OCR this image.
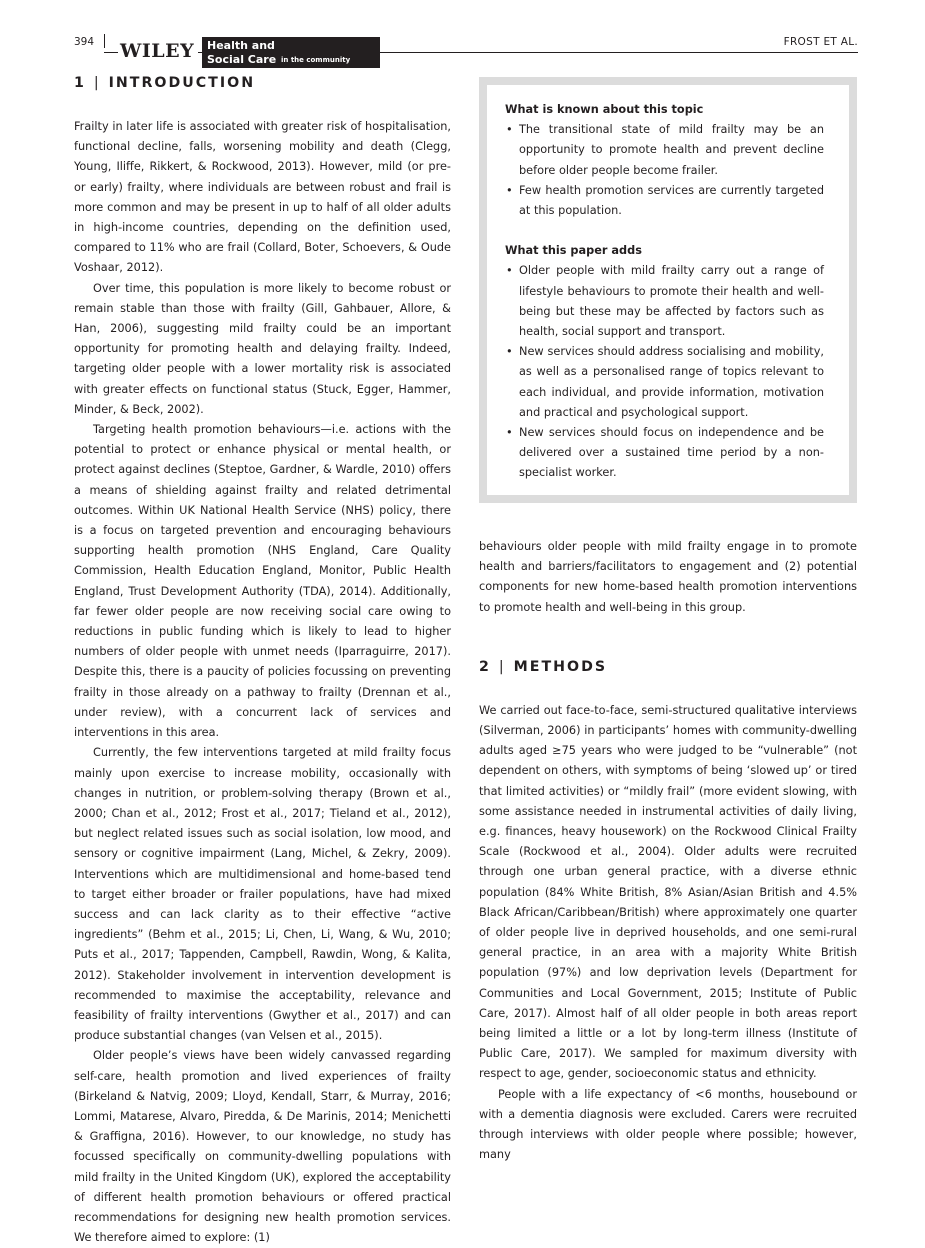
394 WILEY	Health and
Social Care in the community
FROST ET AL.
1 | INTRODUCTION

Frailty in later life is associated with greater risk of hospitalisation, functional decline, falls, worsening mobility and death (Clegg, Young, Iliffe, Rikkert, & Rockwood, 2013). However, mild (or pre- or early) frailty, where individuals are between robust and frail is more common and may be present in up to half of all older adults in high-income countries, depending on the definition used, compared to 11% who are frail (Collard, Boter, Schoevers, & Oude Voshaar, 2012).

Over time, this population is more likely to become robust or remain stable than those with frailty (Gill, Gahbauer, Allore, & Han, 2006), suggesting mild frailty could be an important opportunity for promoting health and delaying frailty. Indeed, targeting older people with a lower mortality risk is associated with greater effects on functional status (Stuck, Egger, Hammer, Minder, & Beck, 2002).

Targeting health promotion behaviours—i.e. actions with the potential to protect or enhance physical or mental health, or protect against declines (Steptoe, Gardner, & Wardle, 2010) offers a means of shielding against frailty and related detrimental outcomes. Within UK National Health Service (NHS) policy, there is a focus on targeted prevention and encouraging behaviours supporting health promotion (NHS England, Care Quality Commission, Health Education England, Monitor, Public Health England, Trust Development Authority (TDA), 2014). Additionally, far fewer older people are now receiving social care owing to reductions in public funding which is likely to lead to higher numbers of older people with unmet needs (Iparraguirre, 2017). Despite this, there is a paucity of policies focussing on preventing frailty in those already on a pathway to frailty (Drennan et al., under review), with a concurrent lack of services and interventions in this area.

Currently, the few interventions targeted at mild frailty focus mainly upon exercise to increase mobility, occasionally with changes in nutrition, or problem-solving therapy (Brown et al., 2000; Chan et al., 2012; Frost et al., 2017; Tieland et al., 2012), but neglect related issues such as social isolation, low mood, and sensory or cognitive impairment (Lang, Michel, & Zekry, 2009). Interventions which are multidimensional and home-based tend to target either broader or frailer populations, have had mixed success and can lack clarity as to their effective “active ingredients” (Behm et al., 2015; Li, Chen, Li, Wang, & Wu, 2010; Puts et al., 2017; Tappenden, Campbell, Rawdin, Wong, & Kalita, 2012). Stakeholder involvement in intervention development is recommended to maximise the acceptability, relevance and feasibility of frailty interventions (Gwyther et al., 2017) and can produce substantial changes (van Velsen et al., 2015).

Older people’s views have been widely canvassed regarding self-care, health promotion and lived experiences of frailty (Birkeland & Natvig, 2009; Lloyd, Kendall, Starr, & Murray, 2016; Lommi, Matarese, Alvaro, Piredda, & De Marinis, 2014; Menichetti & Graffigna, 2016). However, to our knowledge, no study has focussed specifically on community-dwelling populations with mild frailty in the United Kingdom (UK), explored the acceptability of different health promotion behaviours or offered practical recommendations for designing new health promotion services. We therefore aimed to explore: (1)

What is known about this topic
• The transitional state of mild frailty may be an opportunity to promote health and prevent decline before older people become frailer.
• Few health promotion services are currently targeted at this population.
What this paper adds
• Older people with mild frailty carry out a range of lifestyle behaviours to promote their health and well-being but these may be affected by factors such as health, social support and transport.
• New services should address socialising and mobility, as well as a personalised range of topics relevant to each individual, and provide information, motivation and practical and psychological support.
• New services should focus on independence and be delivered over a sustained time period by a non-specialist worker.

behaviours older people with mild frailty engage in to promote health and barriers/facilitators to engagement and (2) potential components for new home-based health promotion interventions to promote health and well-being in this group.

2 | METHODS

We carried out face-to-face, semi-structured qualitative interviews (Silverman, 2006) in participants’ homes with community-dwelling adults aged ≥75 years who were judged to be “vulnerable” (not dependent on others, with symptoms of being ‘slowed up’ or tired that limited activities) or “mildly frail” (more evident slowing, with some assistance needed in instrumental activities of daily living, e.g. finances, heavy housework) on the Rockwood Clinical Frailty Scale (Rockwood et al., 2004). Older adults were recruited through one urban general practice, with a diverse ethnic population (84% White British, 8% Asian/Asian British and 4.5% Black African/Caribbean/British) where approximately one quarter of older people live in deprived households, and one semi-rural general practice, in an area with a majority White British population (97%) and low deprivation levels (Department for Communities and Local Government, 2015; Institute of Public Care, 2017). Almost half of all older people in both areas report being limited a little or a lot by long-term illness (Institute of Public Care, 2017). We sampled for maximum diversity with respect to age, gender, socioeconomic status and ethnicity.

People with a life expectancy of <6 months, housebound or with a dementia diagnosis were excluded. Carers were recruited through interviews with older people where possible; however, many
